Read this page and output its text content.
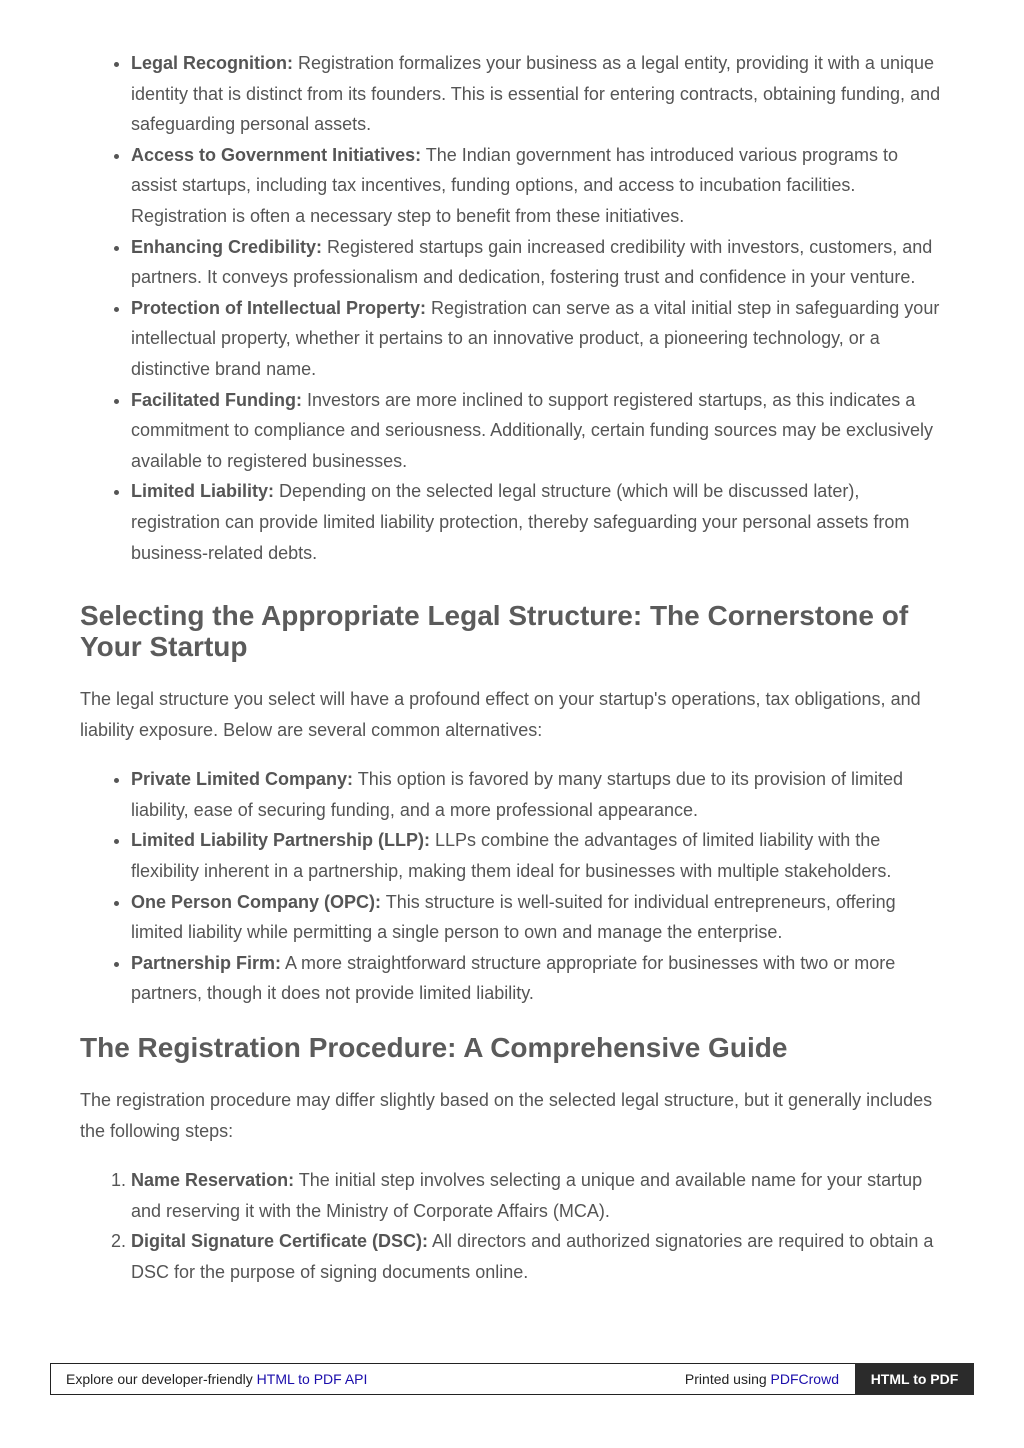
• Legal Recognition: Registration formalizes your business as a legal entity, providing it with a unique identity that is distinct from its founders. This is essential for entering contracts, obtaining funding, and safeguarding personal assets.
• Access to Government Initiatives: The Indian government has introduced various programs to assist startups, including tax incentives, funding options, and access to incubation facilities. Registration is often a necessary step to benefit from these initiatives.
• Enhancing Credibility: Registered startups gain increased credibility with investors, customers, and partners. It conveys professionalism and dedication, fostering trust and confidence in your venture.
• Protection of Intellectual Property: Registration can serve as a vital initial step in safeguarding your intellectual property, whether it pertains to an innovative product, a pioneering technology, or a distinctive brand name.
• Facilitated Funding: Investors are more inclined to support registered startups, as this indicates a commitment to compliance and seriousness. Additionally, certain funding sources may be exclusively available to registered businesses.
• Limited Liability: Depending on the selected legal structure (which will be discussed later), registration can provide limited liability protection, thereby safeguarding your personal assets from business-related debts.
Selecting the Appropriate Legal Structure: The Cornerstone of Your Startup

The legal structure you select will have a profound effect on your startup's operations, tax obligations, and liability exposure. Below are several common alternatives:

• Private Limited Company: This option is favored by many startups due to its provision of limited liability, ease of securing funding, and a more professional appearance.
• Limited Liability Partnership (LLP): LLPs combine the advantages of limited liability with the flexibility inherent in a partnership, making them ideal for businesses with multiple stakeholders.
• One Person Company (OPC): This structure is well-suited for individual entrepreneurs, offering limited liability while permitting a single person to own and manage the enterprise.
• Partnership Firm: A more straightforward structure appropriate for businesses with two or more partners, though it does not provide limited liability.
The Registration Procedure: A Comprehensive Guide

The registration procedure may differ slightly based on the selected legal structure, but it generally includes the following steps:

1. Name Reservation: The initial step involves selecting a unique and available name for your startup and reserving it with the Ministry of Corporate Affairs (MCA).
2. Digital Signature Certificate (DSC): All directors and authorized signatories are required to obtain a DSC for the purpose of signing documents online.
Explore our developer-friendly HTML to PDF API	Printed using PDFCrowd	HTML to PDF
